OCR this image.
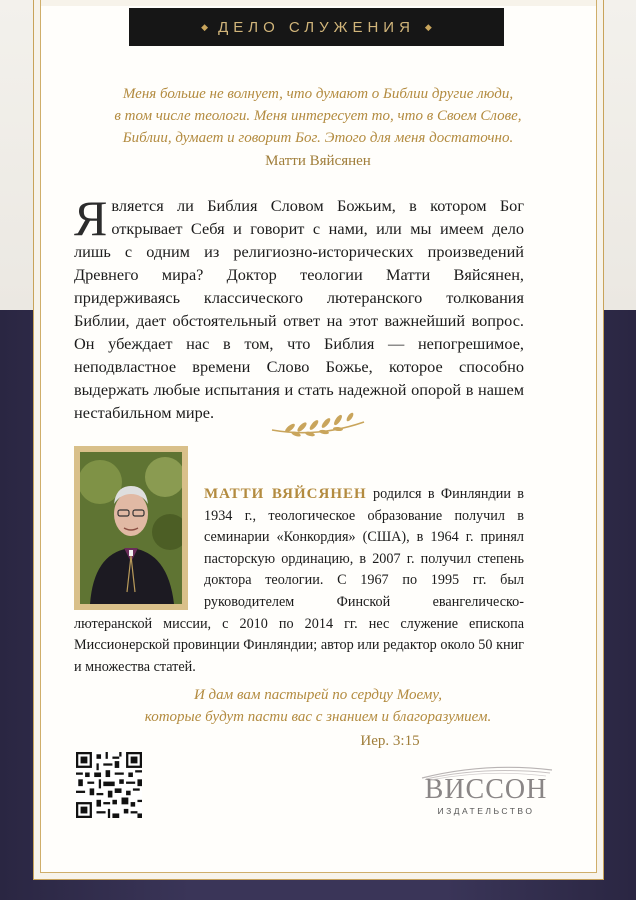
◆ ДЕЛО СЛУЖЕНИЯ ◆
Меня больше не волнует, что думают о Библии другие люди,
в том числе теологи. Меня интересует то, что в Своем Слове,
Библии, думает и говорит Бог. Этого для меня достаточно.
Матти Вяйсянен
Является ли Библия Словом Божьим, в котором Бог открывает Себя и говорит с нами, или мы имеем дело лишь с одним из религиозно-исторических произведений Древнего мира? Доктор теологии Матти Вяйсянен, придерживаясь классического лютеранского толкования Библии, дает обстоятельный ответ на этот важнейший вопрос. Он убеждает нас в том, что Библия — непогрешимое, неподвластное времени Слово Божье, которое способно выдержать любые испытания и стать надежной опорой в нашем нестабильном мире.
МАТТИ ВЯЙСЯНЕН родился в Финляндии в 1934 г., теологическое образование получил в семинарии «Конкордия» (США), в 1964 г. принял пасторскую ординацию, в 2007 г. получил степень доктора теологии. С 1967 по 1995 гг. был руководителем Финской евангелическо-лютеранской миссии, с 2010 по 2014 гг. нес служение епископа Миссионерской провинции Финляндии; автор или редактор около 50 книг и множества статей.
И дам вам пастырей по сердцу Моему,
которые будут пасти вас с знанием и благоразумием.
Иер. 3:15
ВИССОН
ИЗДАТЕЛЬСТВО
